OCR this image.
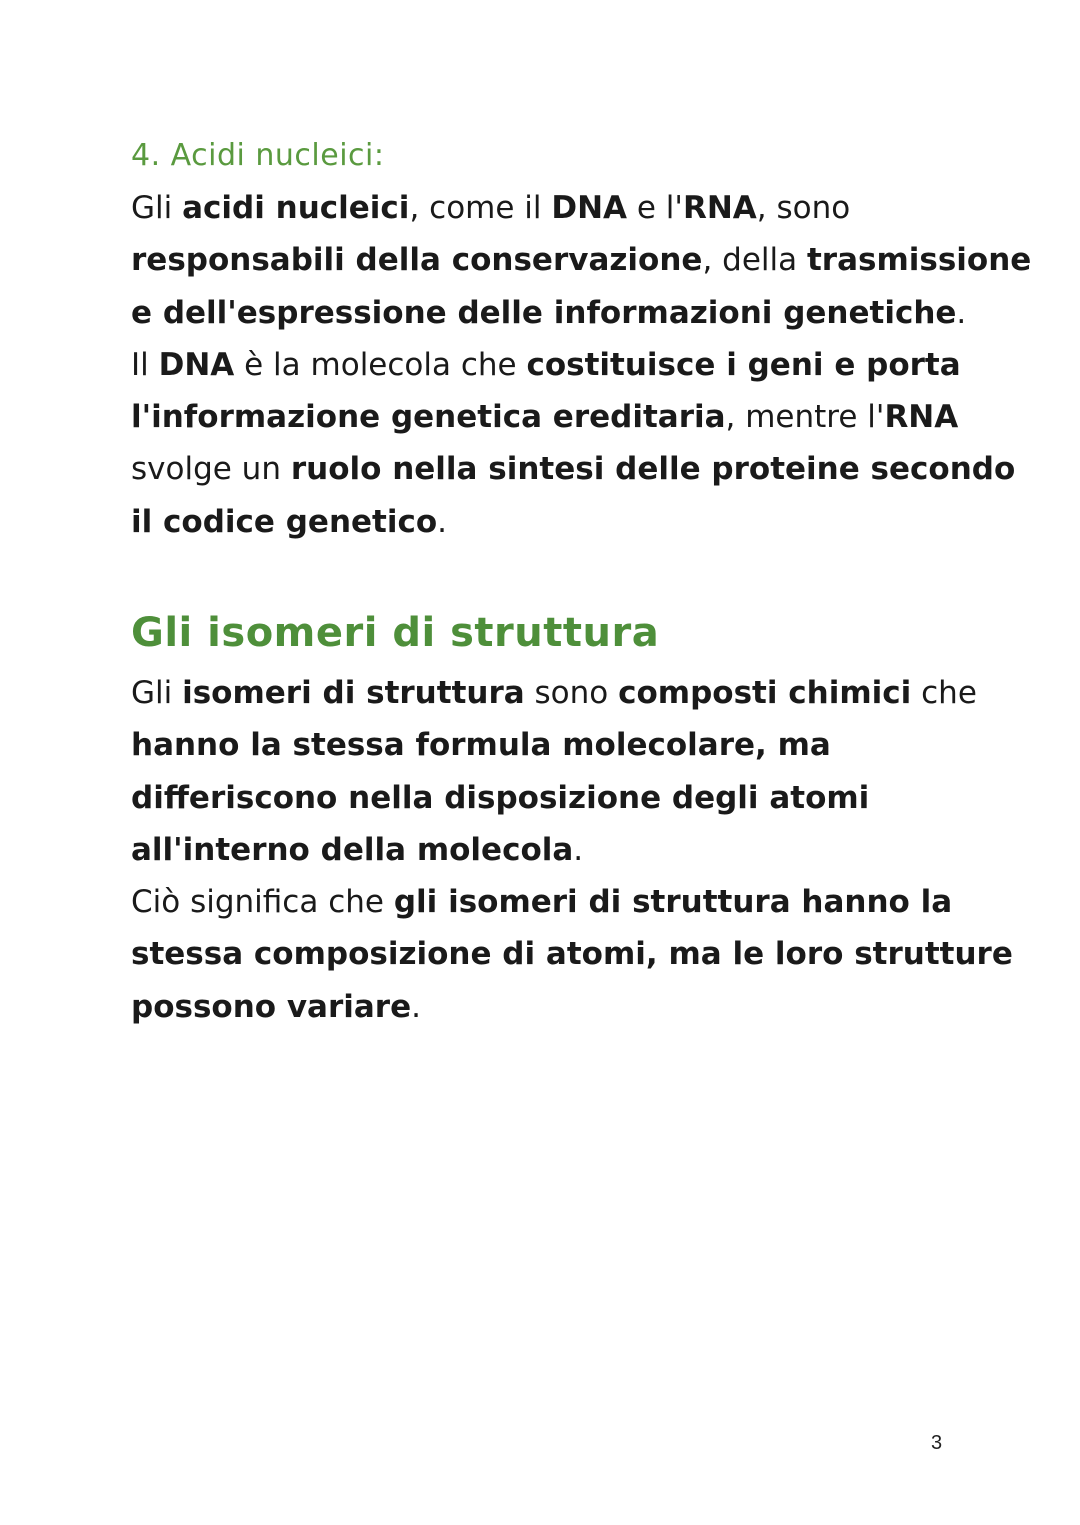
4. Acidi nucleici:
Gli acidi nucleici, come il DNA e l'RNA, sono
responsabili della conservazione, della trasmissione
e dell'espressione delle informazioni genetiche.
Il DNA è la molecola che costituisce i geni e porta
l'informazione genetica ereditaria, mentre l'RNA
svolge un ruolo nella sintesi delle proteine secondo
il codice genetico.
Gli isomeri di struttura
Gli isomeri di struttura sono composti chimici che
hanno la stessa formula molecolare, ma
differiscono nella disposizione degli atomi
all'interno della molecola.
Ciò significa che gli isomeri di struttura hanno la
stessa composizione di atomi, ma le loro strutture
possono variare.
3
